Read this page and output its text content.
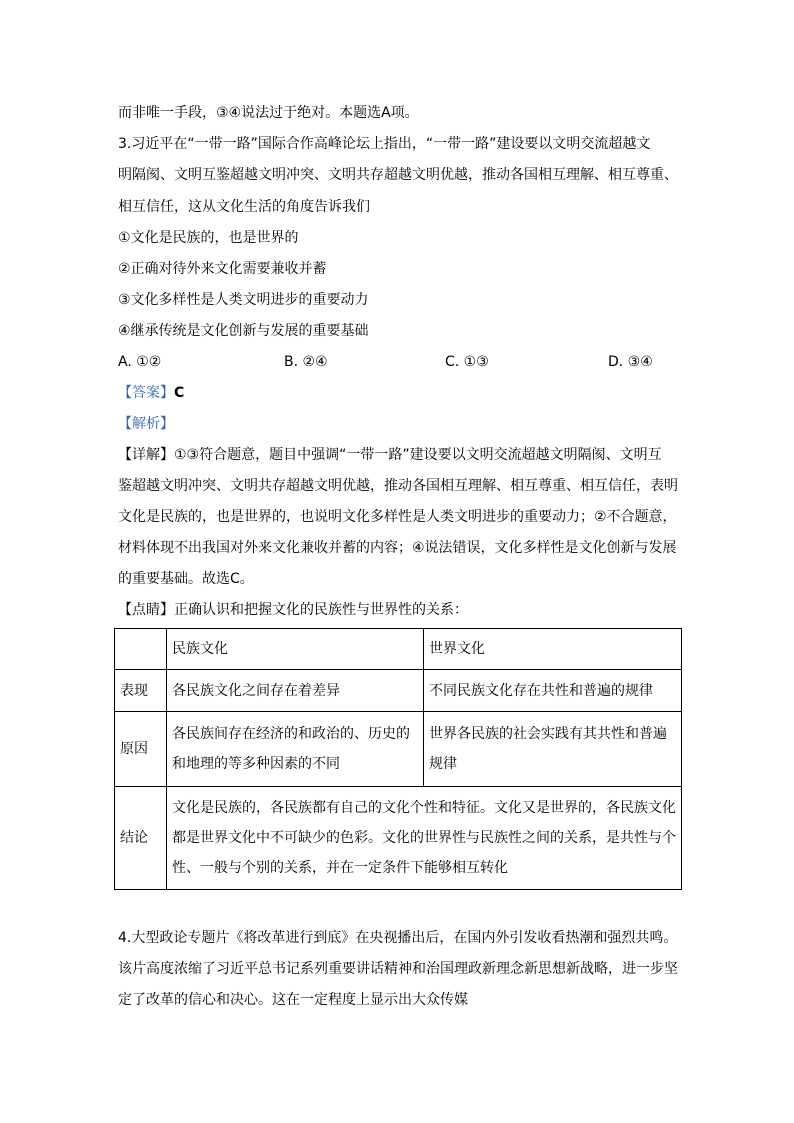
而非唯一手段，③④说法过于绝对。本题选A项。
3.习近平在“一带一路”国际合作高峰论坛上指出，“一带一路”建设要以文明交流超越文
明隔阂、文明互鉴超越文明冲突、文明共存超越文明优越，推动各国相互理解、相互尊重、
相互信任，这从文化生活的角度告诉我们
①文化是民族的，也是世界的
②正确对待外来文化需要兼收并蓄
③文化多样性是人类文明进步的重要动力
④继承传统是文化创新与发展的重要基础
A. ①②	B. ②④	C. ①③	D. ③④
【答案】C
【解析】
【详解】①③符合题意，题目中强调“一带一路”建设要以文明交流超越文明隔阂、文明互
鉴超越文明冲突、文明共存超越文明优越，推动各国相互理解、相互尊重、相互信任，表明
文化是民族的，也是世界的，也说明文化多样性是人类文明进步的重要动力；②不合题意，
材料体现不出我国对外来文化兼收并蓄的内容；④说法错误，文化多样性是文化创新与发展
的重要基础。故选C。
【点睛】正确认识和把握文化的民族性与世界性的关系：
	民族文化	世界文化
表现	各民族文化之间存在着差异	不同民族文化存在共性和普遍的规律
原因	各民族间存在经济的和政治的、历史的和地理的等多种因素的不同	世界各民族的社会实践有其共性和普遍规律
结论	文化是民族的，各民族都有自己的文化个性和特征。文化又是世界的，各民族文化都是世界文化中不可缺少的色彩。文化的世界性与民族性之间的关系，是共性与个性、一般与个别的关系，并在一定条件下能够相互转化	
4.大型政论专题片《将改革进行到底》在央视播出后，在国内外引发收看热潮和强烈共鸣。
该片高度浓缩了习近平总书记系列重要讲话精神和治国理政新理念新思想新战略，进一步坚
定了改革的信心和决心。这在一定程度上显示出大众传媒
